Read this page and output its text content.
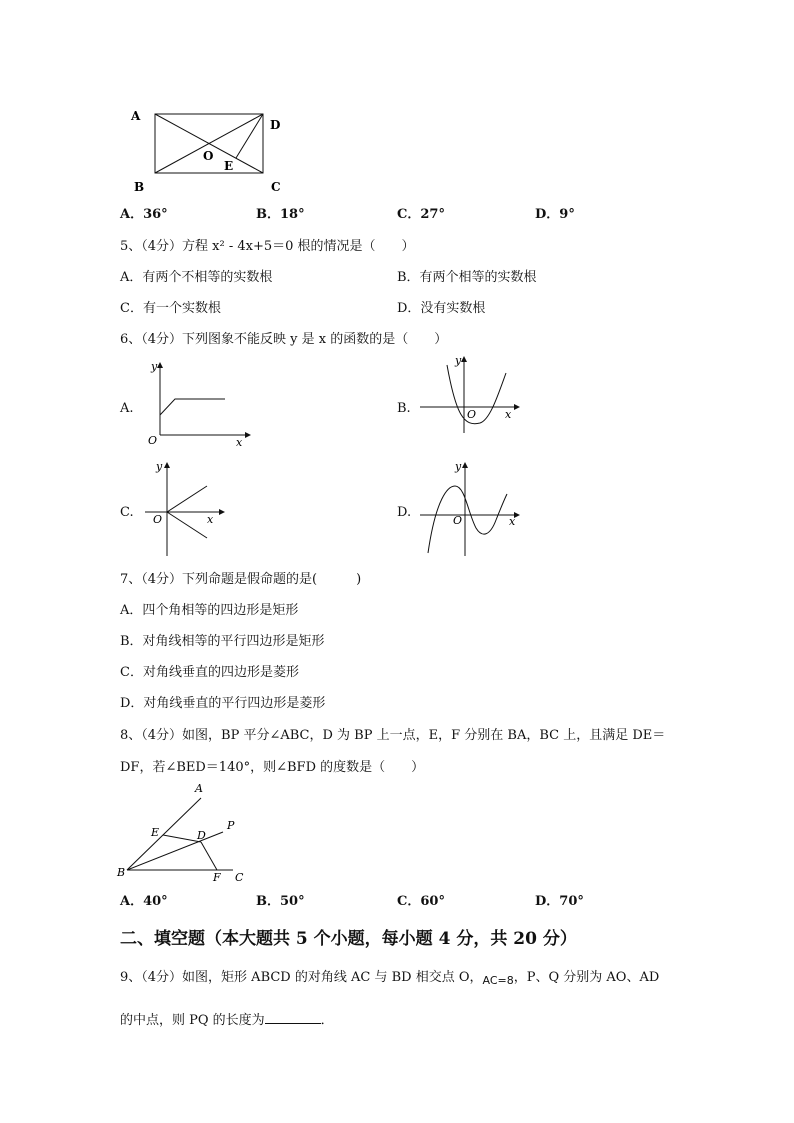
A
D
O
E
B	C
A．36°	B．18°	C．27°	D．9°
5、（4分）方程 x² - 4x+5＝0 根的情况是（　　）
A．有两个不相等的实数根	B．有两个相等的实数根
C．有一个实数根	D．没有实数根
6、（4分）下列图象不能反映 y 是 x 的函数的是（　　）
A.
y
O	x
B.
y
O	x
C.
y
O	x	D.
y
O	x
7、（4分）下列命题是假命题的是(　　　)
A．四个角相等的四边形是矩形
B．对角线相等的平行四边形是矩形
C．对角线垂直的四边形是菱形
D．对角线垂直的平行四边形是菱形
8、（4分）如图，BP 平分∠ABC，D 为 BP 上一点，E，F 分别在 BA，BC 上，且满足 DE＝
DF，若∠BED＝140°，则∠BFD 的度数是（　　）
A
P
E	D
B	F C
A．40°	B．50°	C．60°	D．70°
二、填空题（本大题共 5 个小题，每小题 4 分，共 20 分）
9、（4分）如图，矩形 ABCD 的对角线 AC 与 BD 相交点 O，$_{AC=8}$，P、Q 分别为 AO、AD
的中点，则 PQ 的长度为	．
